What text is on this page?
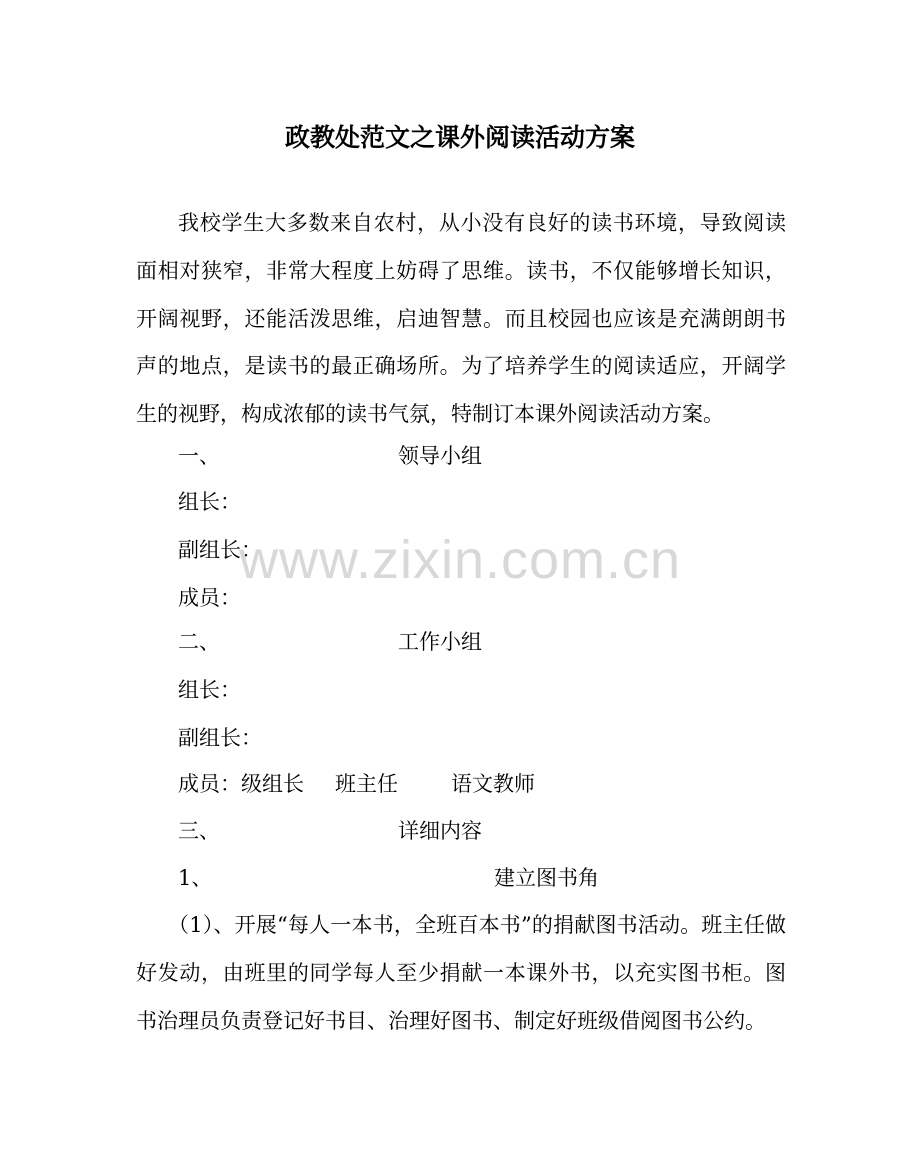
政教处范文之课外阅读活动方案
我校学生大多数来自农村，从小没有良好的读书环境，导致阅读面相对狭窄，非常大程度上妨碍了思维。读书，不仅能够增长知识，开阔视野，还能活泼思维，启迪智慧。而且校园也应该是充满朗朗书声的地点，是读书的最正确场所。为了培养学生的阅读适应，开阔学生的视野，构成浓郁的读书气氛，特制订本课外阅读活动方案。
一、	领导小组
组长：
副组长：
成员：
二、	工作小组
组长：
副组长：
成员： 级组长 班主任	语文教师
三、	详细内容
1、	建立图书角
（1）、开展“每人一本书，全班百本书”的捐献图书活动。班主任做好发动，由班里的同学每人至少捐献一本课外书，以充实图书柜。图书治理员负责登记好书目、治理好图书、制定好班级借阅图书公约。
www.zixin.com.cn
